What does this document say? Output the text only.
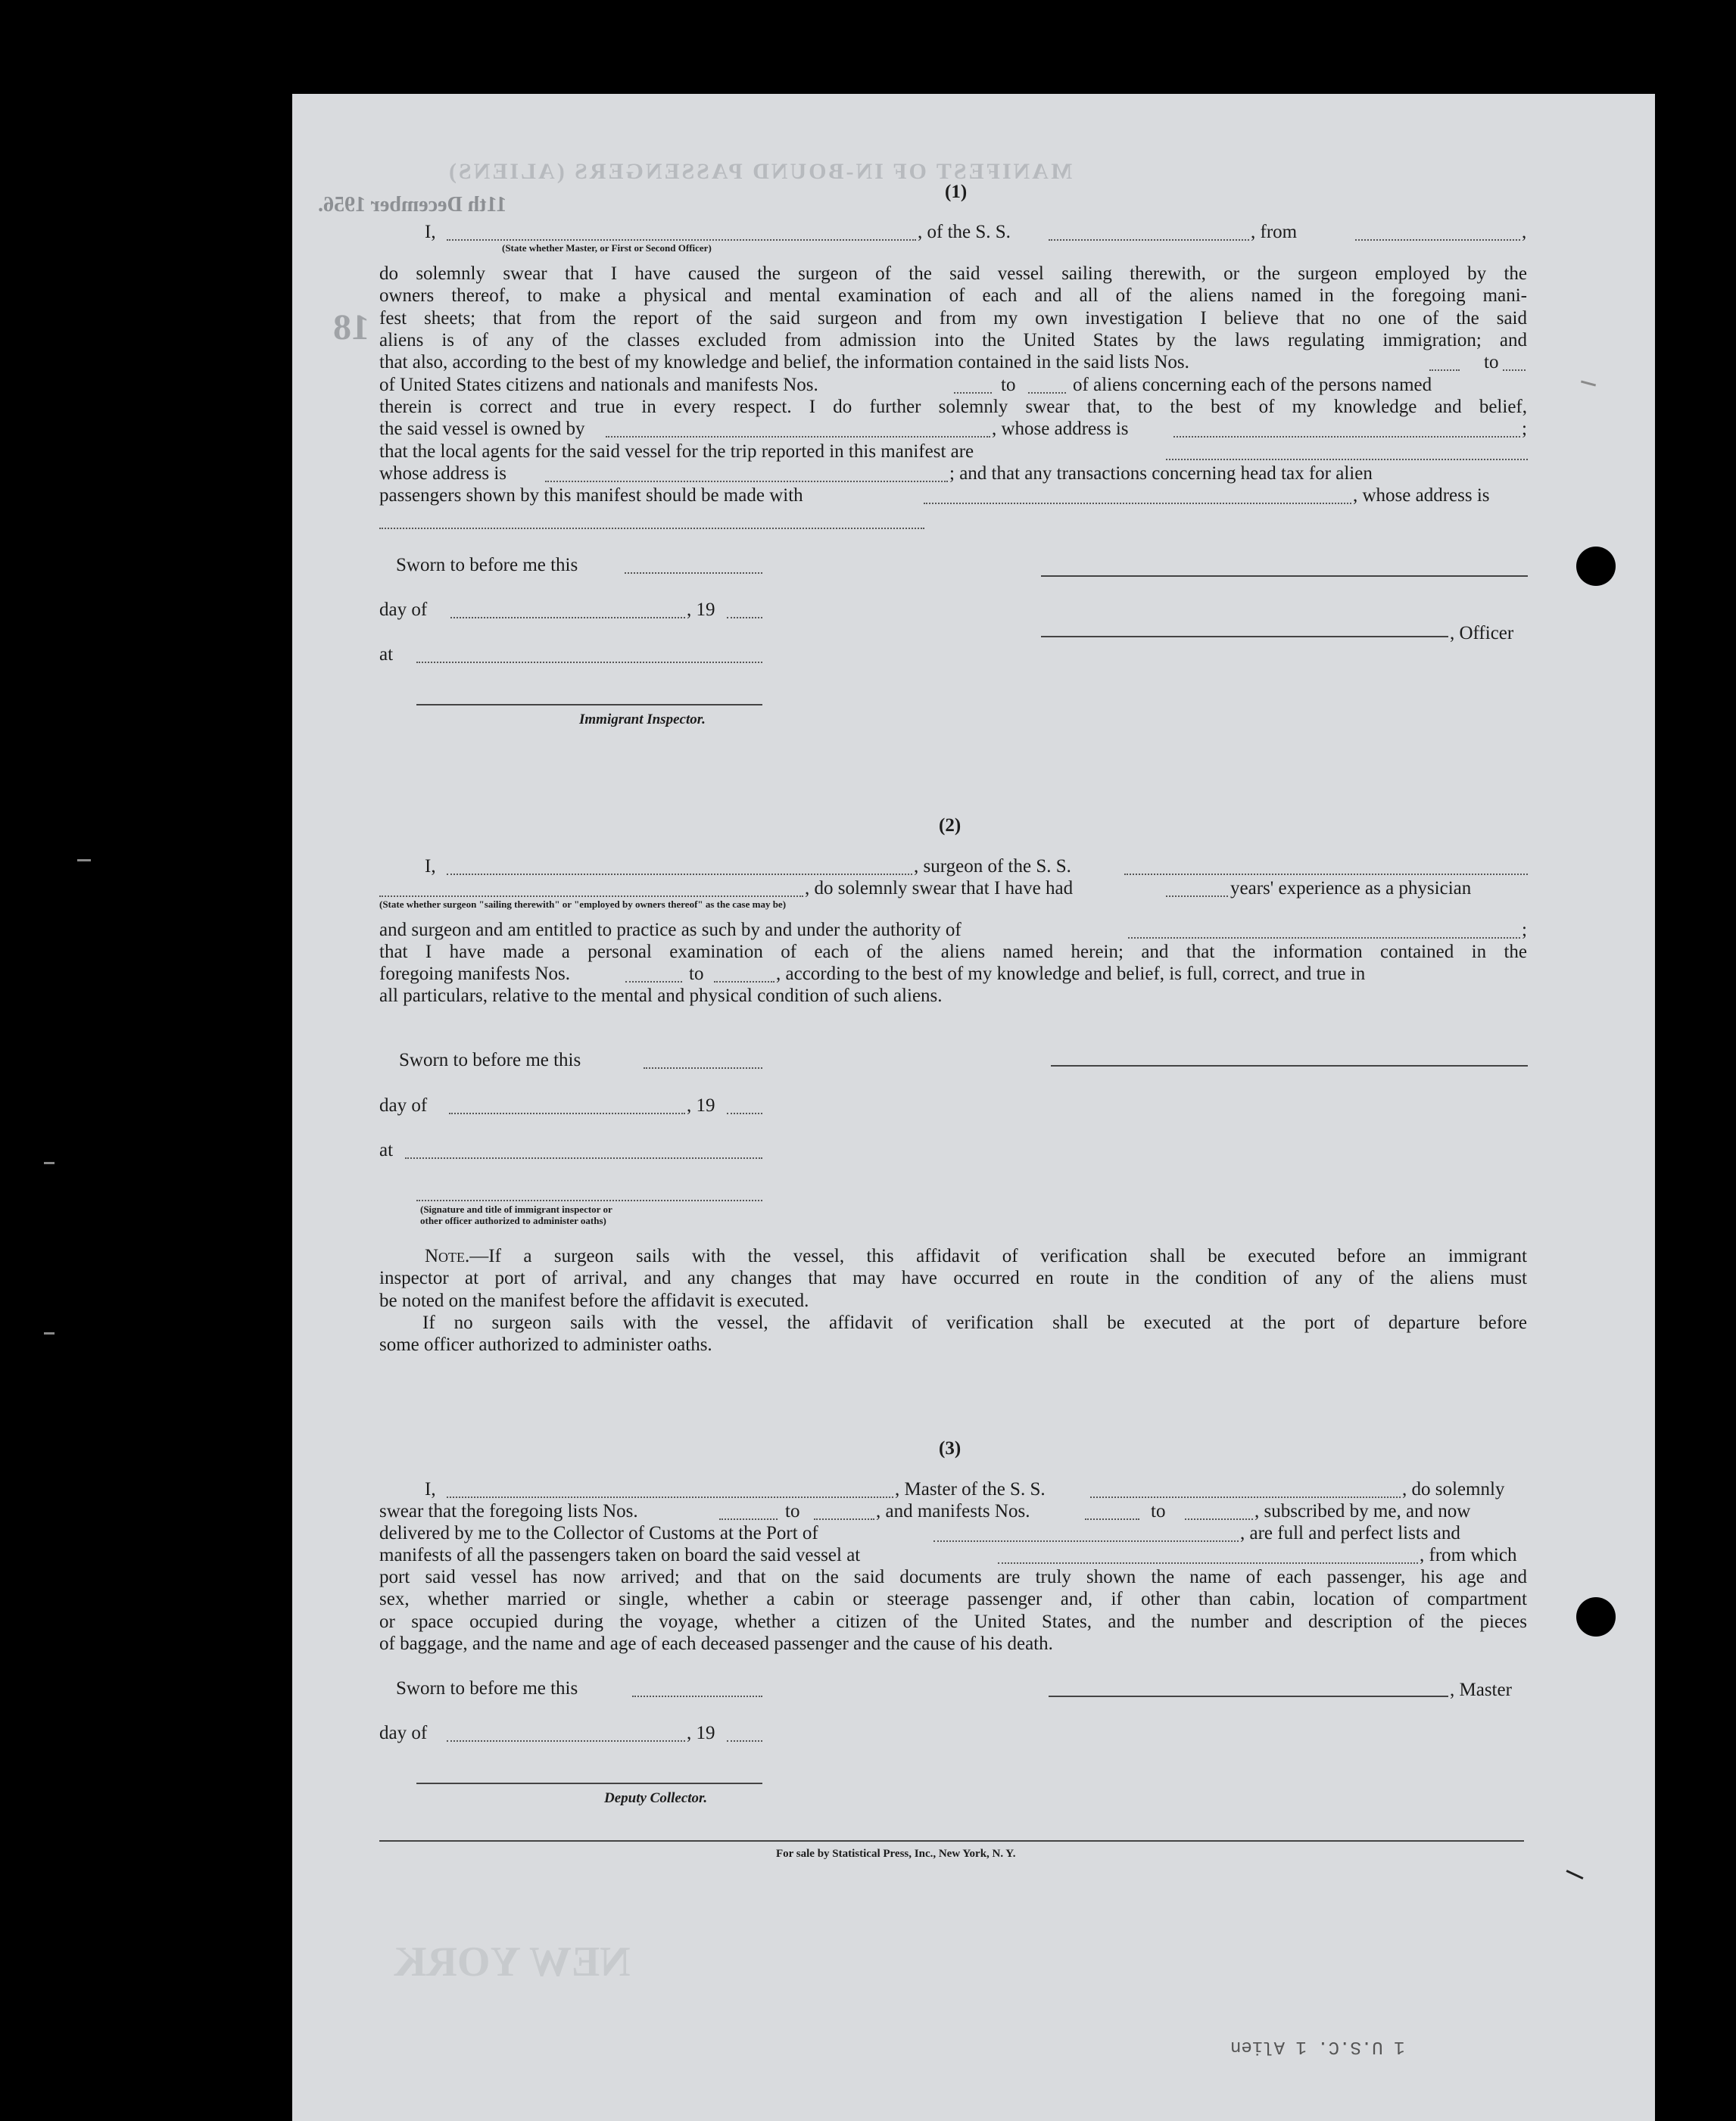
MANIFEST OF IN-BOUND PASSENGERS (ALIENS)
11th December 1956.
18
NEW YORK
(1)
I,
(State whether Master, or First or Second Officer)
, of the S. S.	, from	,
do solemnly swear that I have caused the surgeon of the said vessel sailing therewith, or the surgeon employed by the
owners thereof, to make a physical and mental examination of each and all of the aliens named in the foregoing mani-
fest sheets; that from the report of the said surgeon and from my own investigation I believe that no one of the said
aliens is of any of the classes excluded from admission into the United States by the laws regulating immigration; and
that also, according to the best of my knowledge and belief, the information contained in the said lists Nos.	to
of United States citizens and nationals and manifests Nos.	to	of aliens concerning each of the persons named
therein is correct and true in every respect. I do further solemnly swear that, to the best of my knowledge and belief,
the said vessel is owned by	, whose address is	;
that the local agents for the said vessel for the trip reported in this manifest are
whose address is	; and that any transactions concerning head tax for alien
passengers shown by this manifest should be made with	, whose address is
Sworn to before me this
day of	, 19
, Officer
at
Immigrant Inspector.
(2)
I,	, surgeon of the S. S.
, do solemnly swear that I have had	years' experience as a physician
(State whether surgeon "sailing therewith" or "employed by owners thereof" as the case may be)
and surgeon and am entitled to practice as such by and under the authority of	;
that I have made a personal examination of each of the aliens named herein; and that the information contained in the
foregoing manifests Nos.	to	, according to the best of my knowledge and belief, is full, correct, and true in
all particulars, relative to the mental and physical condition of such aliens.
Sworn to before me this
day of	, 19
at
(Signature and title of immigrant inspector or
other officer authorized to administer oaths)
Note.—If a surgeon sails with the vessel, this affidavit of verification shall be executed before an immigrant
inspector at port of arrival, and any changes that may have occurred en route in the condition of any of the aliens must
be noted on the manifest before the affidavit is executed.
If no surgeon sails with the vessel, the affidavit of verification shall be executed at the port of departure before
some officer authorized to administer oaths.
(3)
I,	, Master of the S. S.	, do solemnly
swear that the foregoing lists Nos.	to	, and manifests Nos.	to	, subscribed by me, and now
delivered by me to the Collector of Customs at the Port of	, are full and perfect lists and
manifests of all the passengers taken on board the said vessel at	, from which
port said vessel has now arrived; and that on the said documents are truly shown the name of each passenger, his age and
sex, whether married or single, whether a cabin or steerage passenger and, if other than cabin, location of compartment
or space occupied during the voyage, whether a citizen of the United States, and the number and description of the pieces
of baggage, and the name and age of each deceased passenger and the cause of his death.
Sworn to before me this	, Master
day of	, 19
Deputy Collector.
For sale by Statistical Press, Inc., New York, N. Y.
1 U.S.C. 1 Alien
